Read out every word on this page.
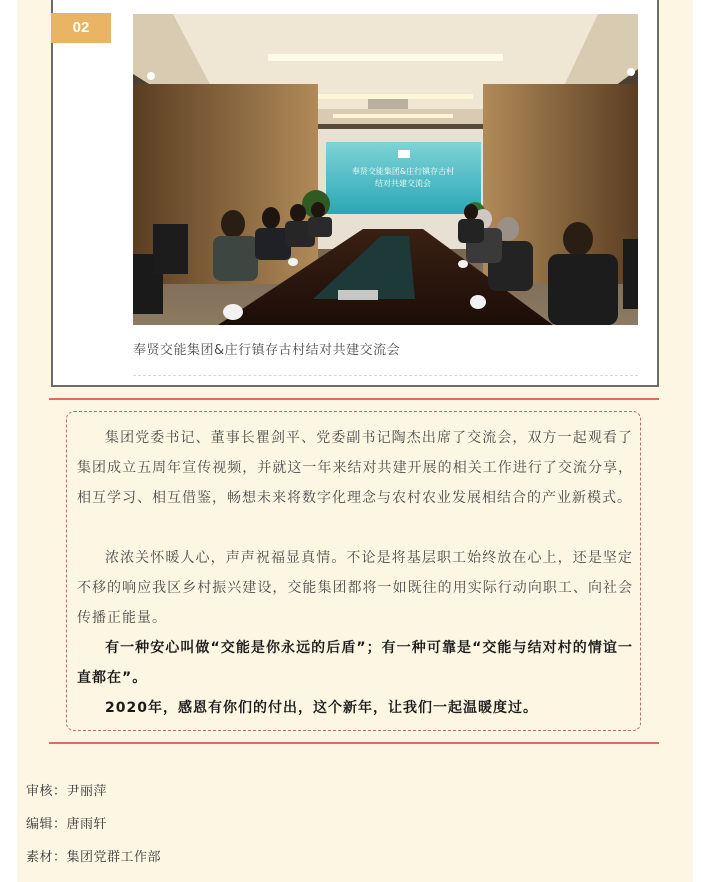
02
奉贤交能集团&庄行镇存古村
结对共建交流会
奉贤交能集团&庄行镇存古村结对共建交流会

集团党委书记、董事长瞿剑平、党委副书记陶杰出席了交流会，双方一起观看了集团成立五周年宣传视频，并就这一年来结对共建开展的相关工作进行了交流分享，相互学习、相互借鉴，畅想未来将数字化理念与农村农业发展相结合的产业新模式。

浓浓关怀暖人心，声声祝福显真情。不论是将基层职工始终放在心上，还是坚定不移的响应我区乡村振兴建设，交能集团都将一如既往的用实际行动向职工、向社会传播正能量。

有一种安心叫做“交能是你永远的后盾”；有一种可靠是“交能与结对村的情谊一直都在”。

2020年，感恩有你们的付出，这个新年，让我们一起温暖度过。

审核：尹丽萍
编辑：唐雨轩
素材：集团党群工作部
